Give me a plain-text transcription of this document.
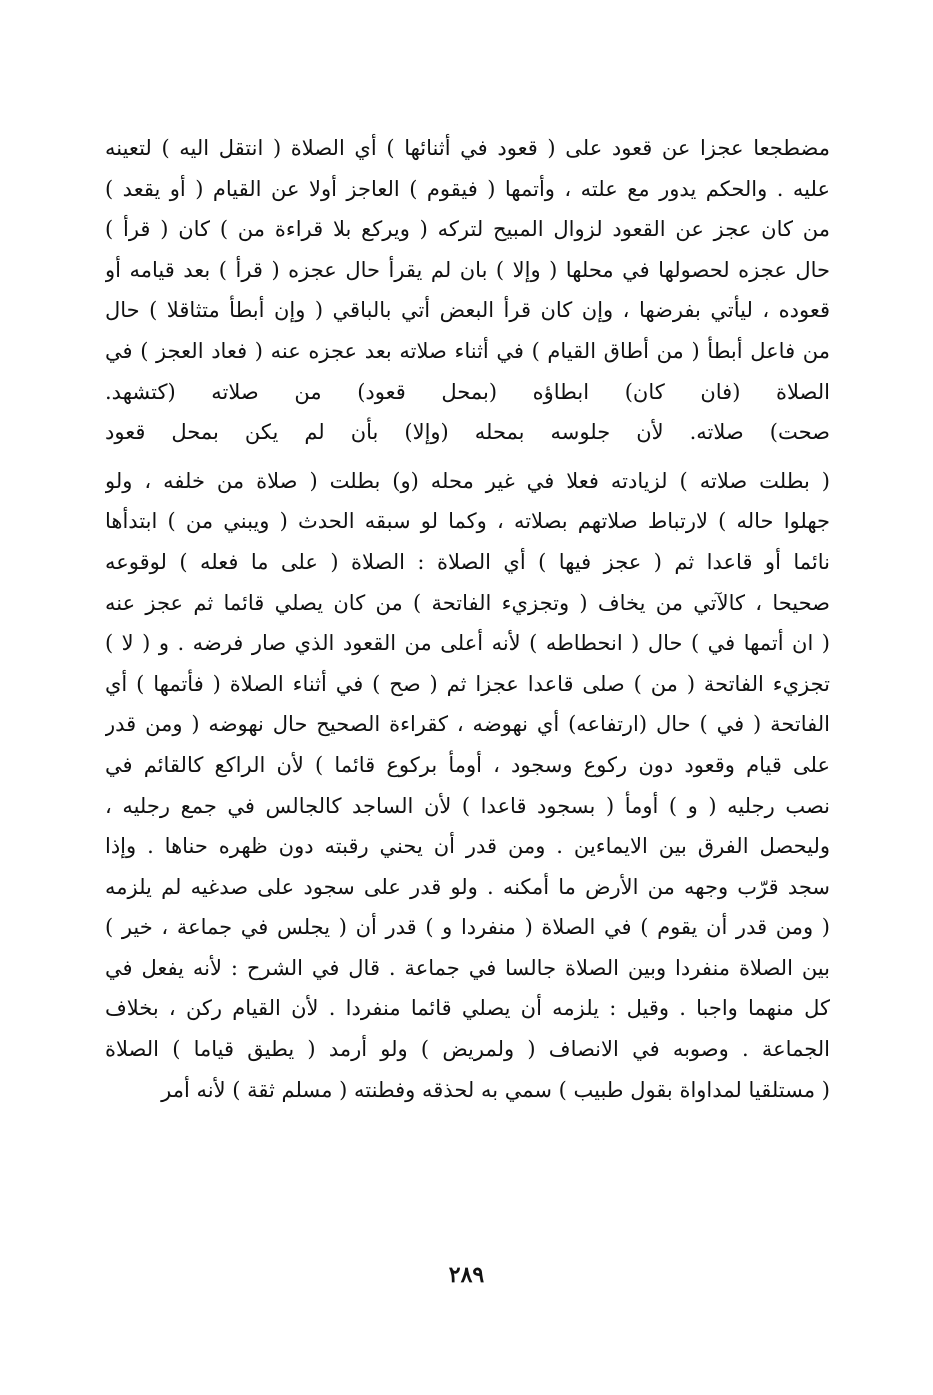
مضطجعا عجزا عن قعود على ( قعود في أثنائها ) أي الصلاة ( انتقل اليه ) لتعينه
عليه . والحكم يدور مع علته ، وأتمها ( فيقوم ) العاجز أولا عن القيام ( أو يقعد )
من كان عجز عن القعود لزوال المبيح لتركه ( ويركع بلا قراءة من ) كان ( قرأ )
حال عجزه لحصولها في محلها ( وإلا ) بان لم يقرأ حال عجزه ( قرأ ) بعد قيامه أو
قعوده ، ليأتي بفرضها ، وإن كان قرأ البعض أتي بالباقي ( وإن أبطأ متثاقلا ) حال
من فاعل أبطأ ( من أطاق القيام ) في أثناء صلاته بعد عجزه عنه ( فعاد العجز ) في
الصلاة (فان كان) ابطاؤه (بمحل قعود) من صلاته (كتشهد.
صحت) صلاته. لأن جلوسه بمحله (وإلا) بأن لم يكن بمحل قعود
( بطلت صلاته ) لزيادته فعلا في غير محله (و) بطلت ( صلاة من خلفه ، ولو
جهلوا حاله ) لارتباط صلاتهم بصلاته ، وكما لو سبقه الحدث ( ويبني من ) ابتدأها
نائما أو قاعدا ثم ( عجز فيها ) أي الصلاة : الصلاة ( على ما فعله ) لوقوعه
صحيحا ، كالآتي من يخاف ( وتجزيء الفاتحة ) من كان يصلي قائما ثم عجز عنه
( ان أتمها في ) حال ( انحطاطه ) لأنه أعلى من القعود الذي صار فرضه . و ( لا )
تجزيء الفاتحة ( من ) صلى قاعدا عجزا ثم ( صح ) في أثناء الصلاة ( فأتمها ) أي
الفاتحة ( في ) حال (ارتفاعه) أي نهوضه ، كقراءة الصحيح حال نهوضه ( ومن قدر
على قيام وقعود دون ركوع وسجود ، أومأ بركوع قائما ) لأن الراكع كالقائم في
نصب رجليه ( و ) أومأ ( بسجود قاعدا ) لأن الساجد كالجالس في جمع رجليه ،
وليحصل الفرق بين الايماءين . ومن قدر أن يحني رقبته دون ظهره حناها . وإذا
سجد قرّب وجهه من الأرض ما أمكنه . ولو قدر على سجود على صدغيه لم يلزمه
( ومن قدر أن يقوم ) في الصلاة ( منفردا و ) قدر أن ( يجلس في جماعة ، خير )
بين الصلاة منفردا وبين الصلاة جالسا في جماعة . قال في الشرح : لأنه يفعل في
كل منهما واجبا . وقيل : يلزمه أن يصلي قائما منفردا . لأن القيام ركن ، بخلاف
الجماعة . وصوبه في الانصاف ( ولمريض ) ولو أرمد ( يطيق قياما ) الصلاة
( مستلقيا لمداواة بقول طبيب ) سمي به لحذقه وفطنته ( مسلم ثقة ) لأنه أمر
٢٨٩
